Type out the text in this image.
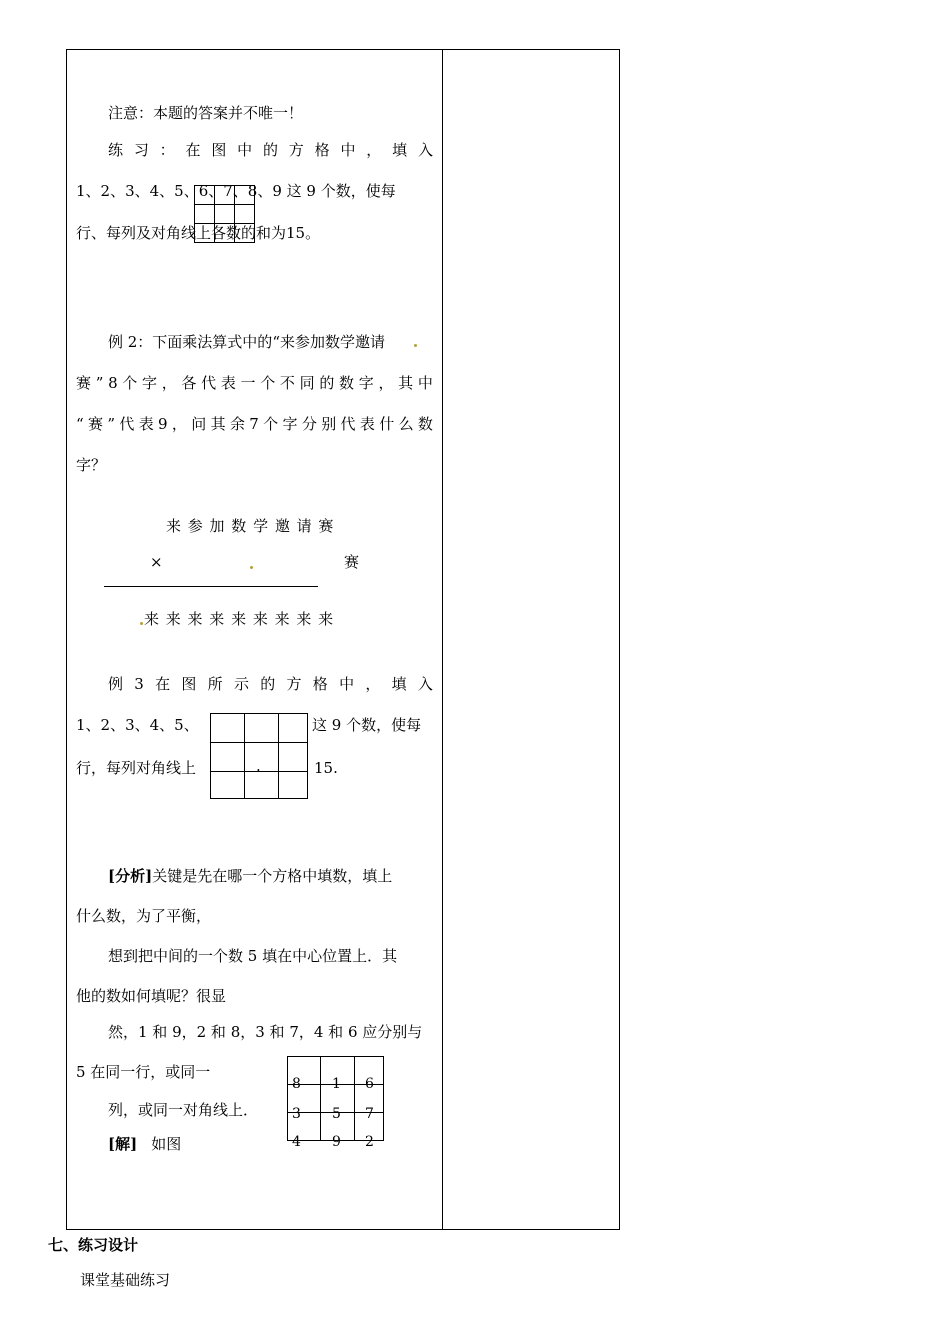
注意：本题的答案并不唯一！
练 习 ： 在 图 中 的 方 格 中 ， 填 入
1、2、3、4、5、6、7、8、9 这 9 个数，使每
行、每列及对角线上各数的和为15。

例 2：下面乘法算式中的“来参加数学邀请
赛 ” 8 个 字 ， 各 代 表 一 个 不 同 的 数 字 ， 其 中
“ 赛 ” 代 表 9 ， 问 其 余 7 个 字 分 别 代 表 什 么 数
字？
来 参 加 数 学 邀 请 赛
×	赛
来 来 来 来 来 来 来 来 来
例 3 在 图 所 示 的 方 格 中 ， 填 入
1、2、3、4、5、	这 9 个数，使每
行，每列对角线上	15.

.
[分析]关键是先在哪一个方格中填数，填上
什么数，为了平衡，
想到把中间的一个数 5 填在中心位置上．其
他的数如何填呢？很显
然，1 和 9，2 和 8，3 和 7，4 和 6 应分别与
5 在同一行，或同一
列，或同一对角线上．
[解] 如图

8 1 6
3 5 7
4 9 2
七、练习设计
课堂基础练习
